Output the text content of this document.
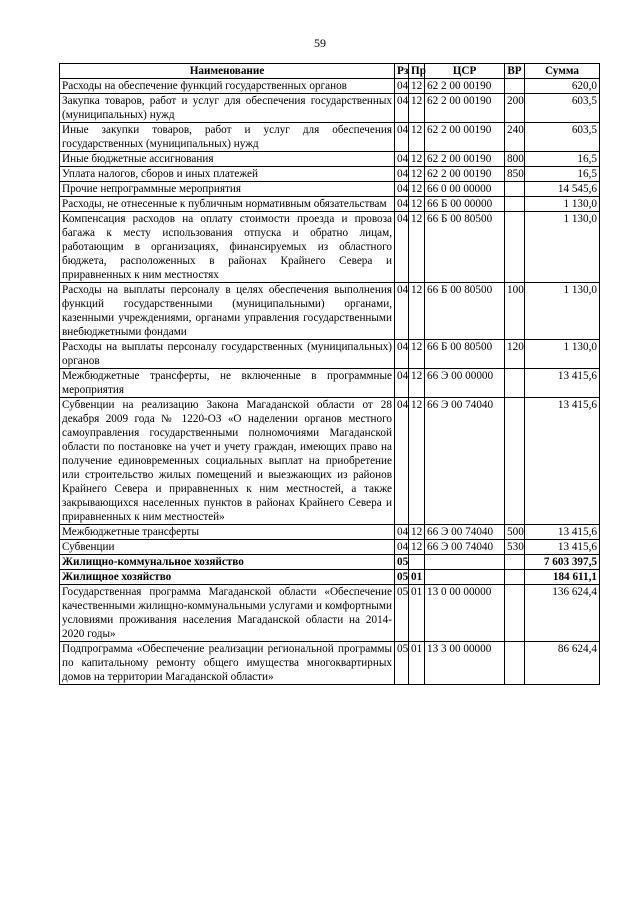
59
Наименование	Рз	Пр	ЦСР	ВР	Сумма
Расходы на обеспечение функций государственных органов	04	12	62 2 00 00190		620,0
Закупка товаров, работ и услуг для обеспечения государственных (муниципальных) нужд	04	12	62 2 00 00190	200	603,5
Иные закупки товаров, работ и услуг для обеспечения государственных (муниципальных) нужд	04	12	62 2 00 00190	240	603,5
Иные бюджетные ассигнования	04	12	62 2 00 00190	800	16,5
Уплата налогов, сборов и иных платежей	04	12	62 2 00 00190	850	16,5
Прочие непрограммные мероприятия	04	12	66 0 00 00000		14 545,6
Расходы, не отнесенные к публичным нормативным обязательствам	04	12	66 Б 00 00000		1 130,0
Компенсация расходов на оплату стоимости проезда и провоза багажа к месту использования отпуска и обратно лицам, работающим в организациях, финансируемых из областного бюджета, расположенных в районах Крайнего Севера и приравненных к ним местностях	04	12	66 Б 00 80500		1 130,0
Расходы на выплаты персоналу в целях обеспечения выполнения функций государственными (муниципальными) органами, казенными учреждениями, органами управления государственными внебюджетными фондами	04	12	66 Б 00 80500	100	1 130,0
Расходы на выплаты персоналу государственных (муниципальных) органов	04	12	66 Б 00 80500	120	1 130,0
Межбюджетные трансферты, не включенные в программные мероприятия	04	12	66 Э 00 00000		13 415,6
Субвенции на реализацию Закона Магаданской области от 28 декабря 2009 года № 1220-ОЗ «О наделении органов местного самоуправления государственными полномочиями Магаданской области по постановке на учет и учету граждан, имеющих право на получение единовременных социальных выплат на приобретение или строительство жилых помещений и выезжающих из районов Крайнего Севера и приравненных к ним местностей, а также закрывающихся населенных пунктов в районах Крайнего Севера и приравненных к ним местностей»	04	12	66 Э 00 74040		13 415,6
Межбюджетные трансферты	04	12	66 Э 00 74040	500	13 415,6
Субвенции	04	12	66 Э 00 74040	530	13 415,6
Жилищно-коммунальное хозяйство	05				7 603 397,5
Жилищное хозяйство	05	01			184 611,1
Государственная программа Магаданской области «Обеспечение качественными жилищно-коммунальными услугами и комфортными условиями проживания населения Магаданской области на 2014-2020 годы»	05	01	13 0 00 00000		136 624,4
Подпрограмма «Обеспечение реализации региональной программы по капитальному ремонту общего имущества многоквартирных домов на территории Магаданской области»	05	01	13 3 00 00000		86 624,4
